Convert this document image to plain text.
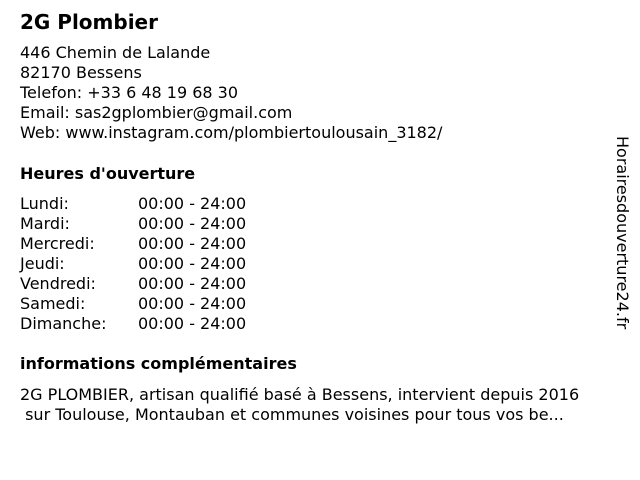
2G Plombier
446 Chemin de Lalande
82170 Bessens
Telefon: +33 6 48 19 68 30
Email: sas2gplombier@gmail.com
Web: www.instagram.com/plombiertoulousain_3182/
Heures d'ouverture
Lundi:	00:00 - 24:00
Mardi:	00:00 - 24:00
Mercredi:	00:00 - 24:00
Jeudi:	00:00 - 24:00
Vendredi:	00:00 - 24:00
Samedi:	00:00 - 24:00
Dimanche:	00:00 - 24:00
informations complémentaires
2G PLOMBIER, artisan qualifié basé à Bessens, intervient depuis 2016
sur Toulouse, Montauban et communes voisines pour tous vos be...
Horairesdouverture24.fr
